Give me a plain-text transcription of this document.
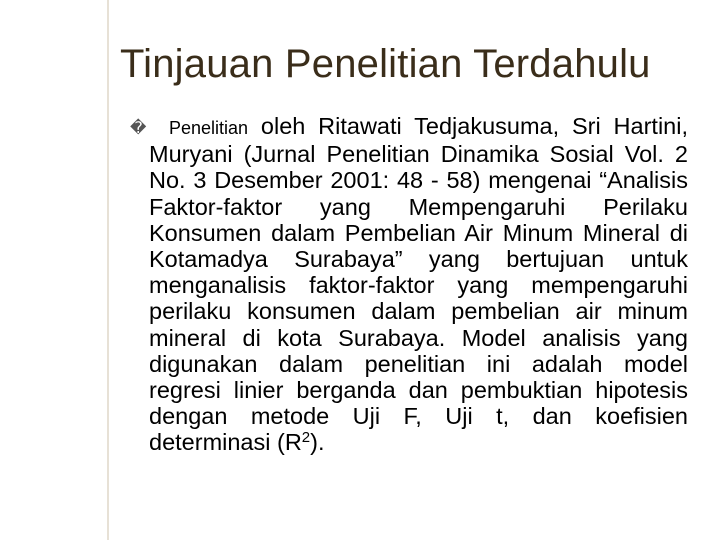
Tinjauan Penelitian Terdahulu
�	Penelitian oleh Ritawati Tedjakusuma, Sri Hartini, Muryani (Jurnal Penelitian Dinamika Sosial Vol. 2 No. 3 Desember 2001: 48 - 58) mengenai “Analisis Faktor-faktor yang Mempengaruhi Perilaku Konsumen dalam Pembelian Air Minum Mineral di Kotamadya Surabaya” yang bertujuan untuk menganalisis faktor-faktor yang mempengaruhi perilaku konsumen dalam pembelian air minum mineral di kota Surabaya. Model analisis yang digunakan dalam penelitian ini adalah model regresi linier berganda dan pembuktian hipotesis dengan metode Uji F, Uji t, dan koefisien determinasi $(R^2)$.
